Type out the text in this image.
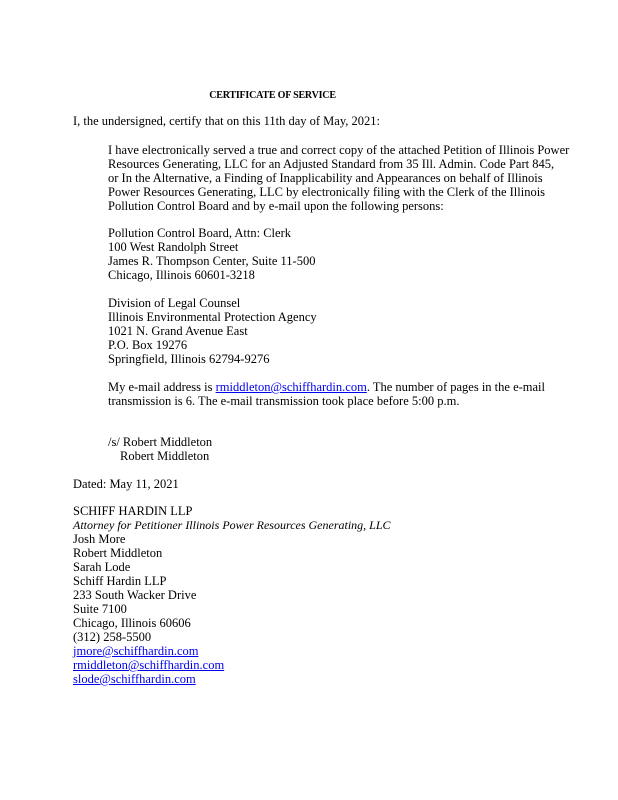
CERTIFICATE OF SERVICE
I, the undersigned, certify that on this 11th day of May, 2021:
I have electronically served a true and correct copy of the attached Petition of Illinois Power
Resources Generating, LLC for an Adjusted Standard from 35 Ill. Admin. Code Part 845,
or In the Alternative, a Finding of Inapplicability and Appearances on behalf of Illinois
Power Resources Generating, LLC by electronically filing with the Clerk of the Illinois
Pollution Control Board and by e-mail upon the following persons:
Pollution Control Board, Attn: Clerk
100 West Randolph Street
James R. Thompson Center, Suite 11-500
Chicago, Illinois 60601-3218
Division of Legal Counsel
Illinois Environmental Protection Agency
1021 N. Grand Avenue East
P.O. Box 19276
Springfield, Illinois 62794-9276
My e-mail address is rmiddleton@schiffhardin.com. The number of pages in the e-mail
transmission is 6. The e-mail transmission took place before 5:00 p.m.
/s/ Robert Middleton
Robert Middleton
Dated: May 11, 2021
SCHIFF HARDIN LLP
Attorney for Petitioner Illinois Power Resources Generating, LLC
Josh More
Robert Middleton
Sarah Lode
Schiff Hardin LLP
233 South Wacker Drive
Suite 7100
Chicago, Illinois 60606
(312) 258-5500
jmore@schiffhardin.com
rmiddleton@schiffhardin.com
slode@schiffhardin.com
